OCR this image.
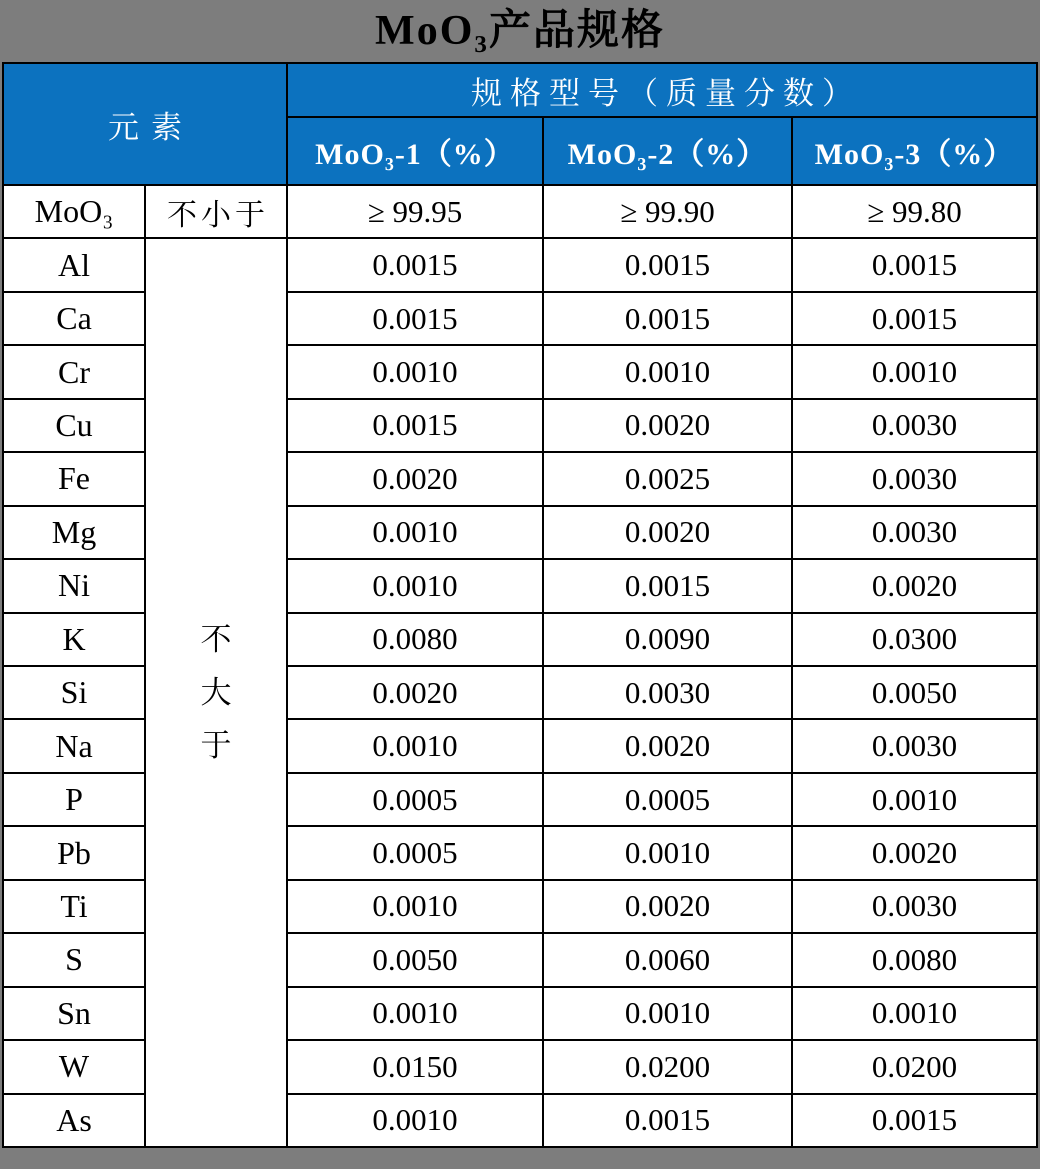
MoO₃产品规格
元素
规格型号（质量分数）
MoO₃-1（%）	MoO₃-2（%）	MoO₃-3（%）
MoO₃	不小于	≥ 99.95	≥ 99.90	≥ 99.80
不
大
于
Al	0.0015	0.0015	0.0015
Ca	0.0015	0.0015	0.0015
Cr	0.0010	0.0010	0.0010
Cu	0.0015	0.0020	0.0030
Fe	0.0020	0.0025	0.0030
Mg	0.0010	0.0020	0.0030
Ni	0.0010	0.0015	0.0020
K	0.0080	0.0090	0.0300
Si	0.0020	0.0030	0.0050
Na	0.0010	0.0020	0.0030
P	0.0005	0.0005	0.0010
Pb	0.0005	0.0010	0.0020
Ti	0.0010	0.0020	0.0030
S	0.0050	0.0060	0.0080
Sn	0.0010	0.0010	0.0010
W	0.0150	0.0200	0.0200
As	0.0010	0.0015	0.0015
